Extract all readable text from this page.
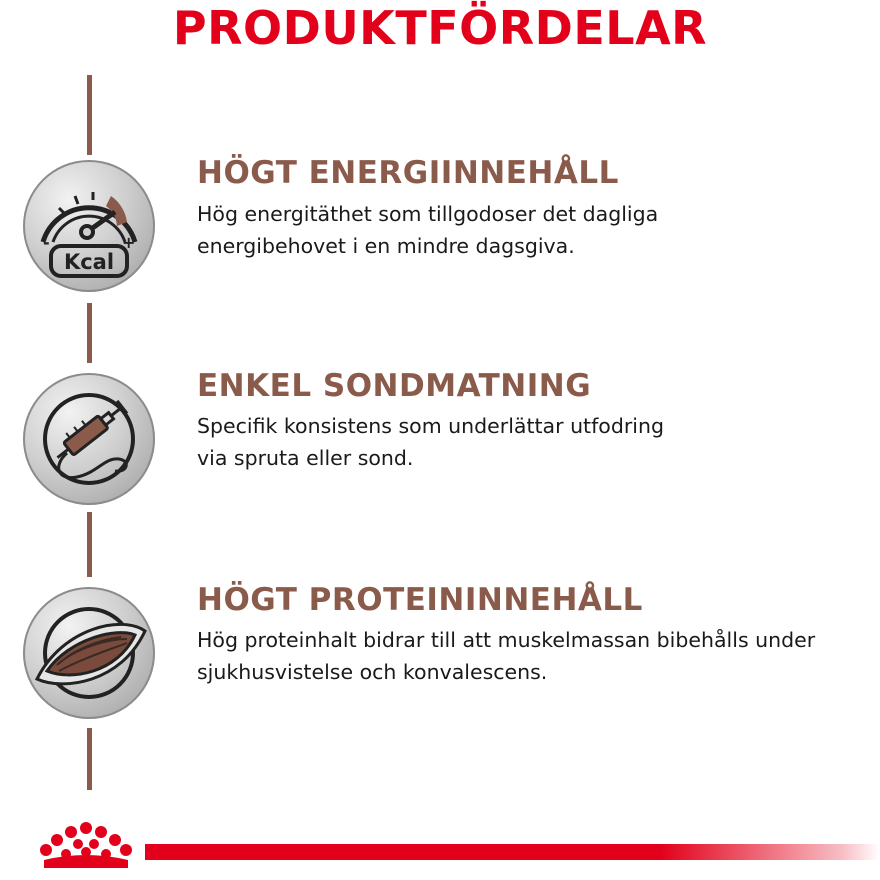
PRODUKTFÖRDELAR
-	+
Kcal
HÖGT ENERGIINNEHÅLL
Hög energitäthet som tillgodoser det dagliga
energibehovet i en mindre dagsgiva.
ENKEL SONDMATNING
Specifik konsistens som underlättar utfodring
via spruta eller sond.
HÖGT PROTEININNEHÅLL
Hög proteinhalt bidrar till att muskelmassan bibehålls under
sjukhusvistelse och konvalescens.
